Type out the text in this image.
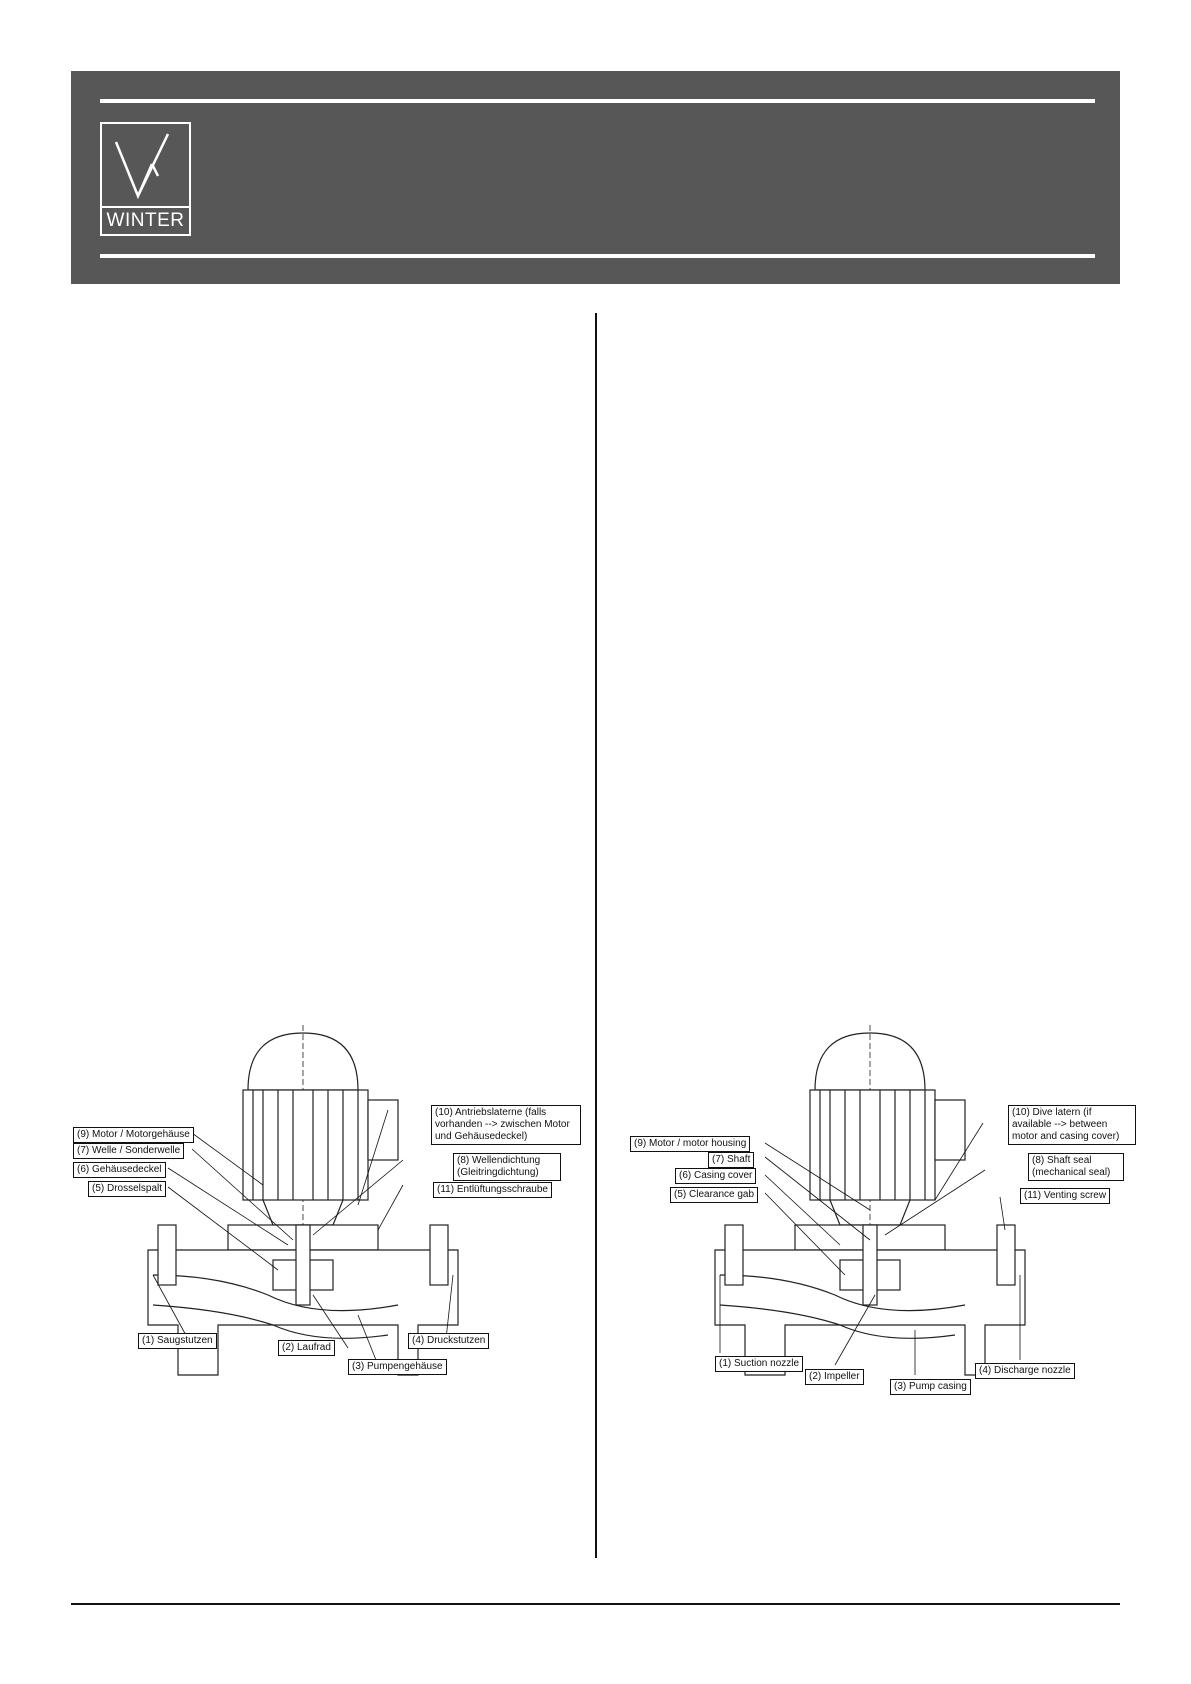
WINTER
(9) Motor / Motorgehäuse
(7) Welle / Sonderwelle
(6) Gehäusedeckel
(5) Drosselspalt
(10) Antriebslaterne (falls vorhanden --> zwischen Motor und Gehäusedeckel)
(8) Wellendichtung (Gleitringdichtung)
(11) Entlüftungsschraube
(1) Saugstutzen
(2) Laufrad
(3) Pumpengehäuse
(4) Druckstutzen
(9) Motor / motor housing
(7) Shaft
(6) Casing cover
(5) Clearance gab
(10) Dive latern (if available --> between motor and casing cover)
(8) Shaft seal (mechanical seal)
(11) Venting screw
(1) Suction nozzle
(2) Impeller
(3) Pump casing
(4) Discharge nozzle
